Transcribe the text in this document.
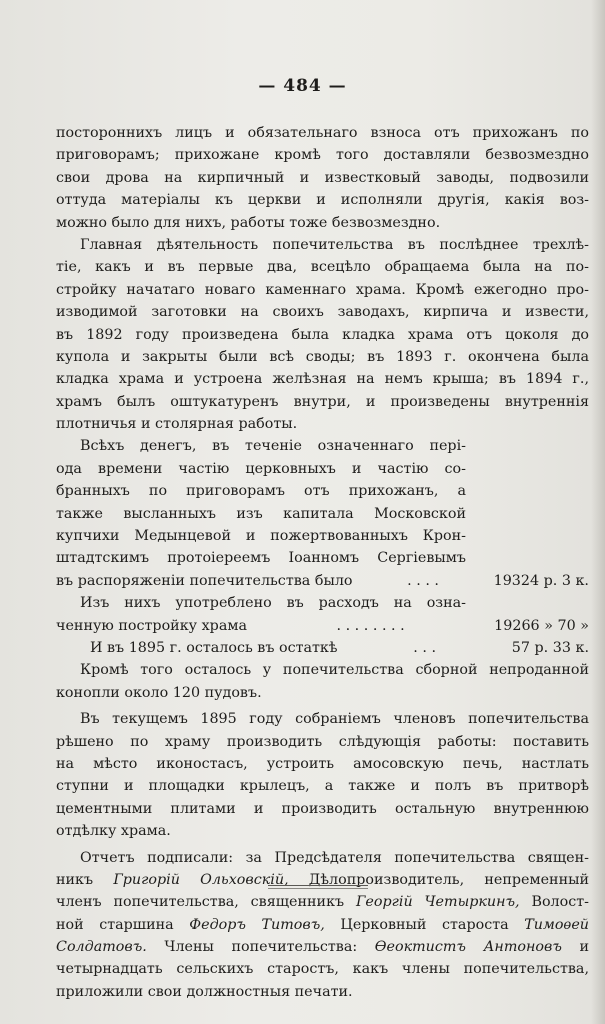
— 484 —
постороннихъ лицъ и обязательнаго взноса отъ прихожанъ по
приговорамъ; прихожане кромѣ того доставляли безвозмездно
свои дрова на кирпичный и известковый заводы, подвозили
оттуда матеріалы къ церкви и исполняли другія, какія воз-
можно было для нихъ, работы тоже безвозмездно.
Главная дѣятельность попечительства въ послѣднее трехлѣ-
тіе, какъ и въ первые два, всецѣло обращаема была на по-
стройку начатаго новаго каменнаго храма. Кромѣ ежегодно про-
изводимой заготовки на своихъ заводахъ, кирпича и извести,
въ 1892 году произведена была кладка храма отъ цоколя до
купола и закрыты были всѣ своды; въ 1893 г. окончена была
кладка храма и устроена желѣзная на немъ крыша; въ 1894 г.,
храмъ былъ оштукатуренъ внутри, и произведены внутреннія
плотничья и столярная работы.
Всѣхъ денегъ, въ теченіе означеннаго пері-
ода времени частію церковныхъ и частію со-
бранныхъ по приговорамъ отъ прихожанъ, а
также высланныхъ изъ капитала Московской
купчихи Медынцевой и пожертвованныхъ Крон-
штадтскимъ протоіереемъ Іоанномъ Сергіевымъ
въ распоряженіи попечительства было	. . . .	19324 р. 3 к.
Изъ нихъ употреблено въ расходъ на озна-
ченную постройку храма	. . . . . . . .	19266 » 70 »
И въ 1895 г. осталось въ остаткѣ	. . .	57 р. 33 к.
Кромѣ того осталось у попечительства сборной непроданной
конопли около 120 пудовъ.
Въ текущемъ 1895 году собраніемъ членовъ попечительства
рѣшено по храму производить слѣдующія работы: поставить
на мѣсто иконостасъ, устроить амосовскую печь, настлать
ступни и площадки крылецъ, а также и полъ въ притворѣ
цементными плитами и производить остальную внутреннюю
отдѣлку храма.
Отчетъ подписали: за Предсѣдателя попечительства священ-
никъ Григорій Ольховскій, Дѣлопроизводитель, непременный
членъ попечительства, священникъ Георгій Четыркинъ, Волост-
ной старшина Федоръ Титовъ, Церковный староста Тимоѳей
Солдатовъ. Члены попечительства: Ѳеоктистъ Антоновъ и
четырнадцать сельскихъ старостъ, какъ члены попечительства,
приложили свои должностныя печати.
